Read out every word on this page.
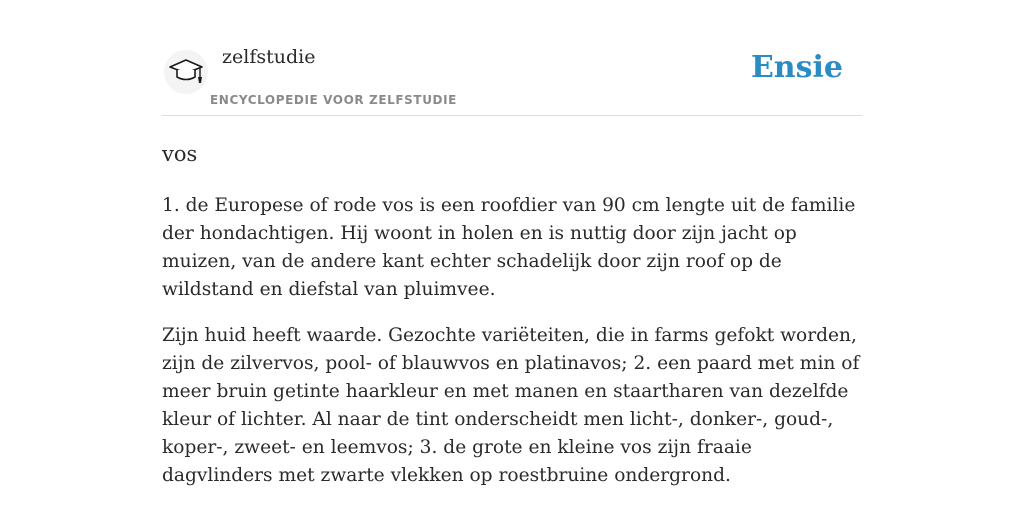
zelfstudie
ENCYCLOPEDIE VOOR ZELFSTUDIE
Ensie
vos

1. de Europese of rode vos is een roofdier van 90 cm lengte uit de familie der hondachtigen. Hij woont in holen en is nuttig door zijn jacht op muizen, van de andere kant echter schadelijk door zijn roof op de wildstand en diefstal van pluimvee.

Zijn huid heeft waarde. Gezochte variëteiten, die in farms gefokt worden, zijn de zilvervos, pool- of blauwvos en platinavos; 2. een paard met min of meer bruin getinte haarkleur en met manen en staartharen van dezelfde kleur of lichter. Al naar de tint onderscheidt men licht-, donker-, goud-, koper-, zweet- en leemvos; 3. de grote en kleine vos zijn fraaie dagvlinders met zwarte vlekken op roestbruine ondergrond.
